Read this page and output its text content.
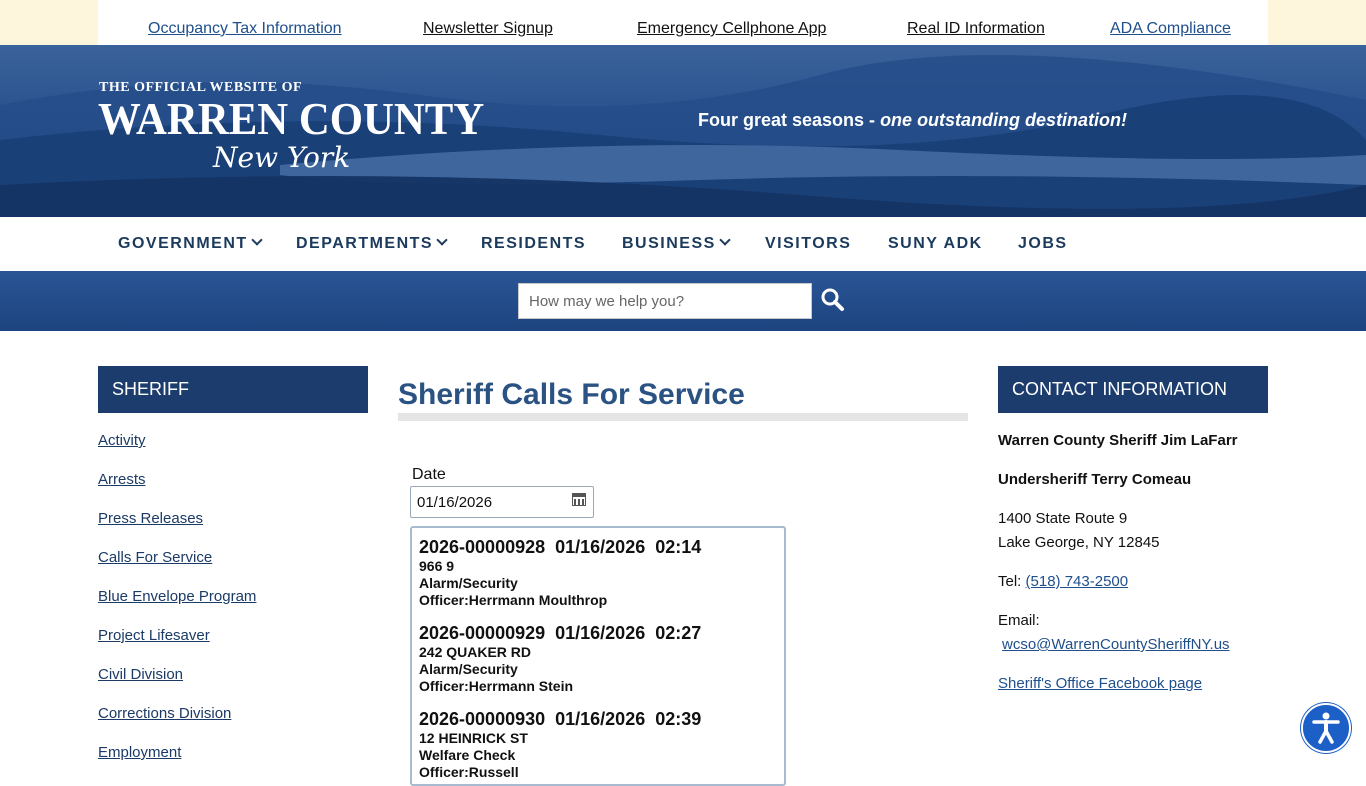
Occupancy Tax Information	Newsletter Signup	Emergency Cellphone App	Real ID Information	ADA Compliance
THE OFFICIAL WEBSITE OF
WARREN COUNTY
New York
Four great seasons - one outstanding destination!
GOVERNMENT	DEPARTMENTS	RESIDENTS BUSINESS	VISITORS SUNY ADK JOBS
How may we help you?
SHERIFF
Activity
Arrests
Press Releases
Calls For Service
Blue Envelope Program
Project Lifesaver
Civil Division
Corrections Division
Employment
Sheriff Calls For Service
Date
01/16/2026
2026-00000928  01/16/2026  02:14
966 9
Alarm/Security
Officer:Herrmann Moulthrop
2026-00000929  01/16/2026  02:27
242 QUAKER RD
Alarm/Security
Officer:Herrmann Stein
2026-00000930  01/16/2026  02:39
12 HEINRICK ST
Welfare Check
Officer:Russell
CONTACT INFORMATION
Warren County Sheriff Jim LaFarr
Undersheriff Terry Comeau
1400 State Route 9
Lake George, NY 12845
Tel: (518) 743-2500
Email:
wcso@WarrenCountySheriffNY.us
Sheriff's Office Facebook page
